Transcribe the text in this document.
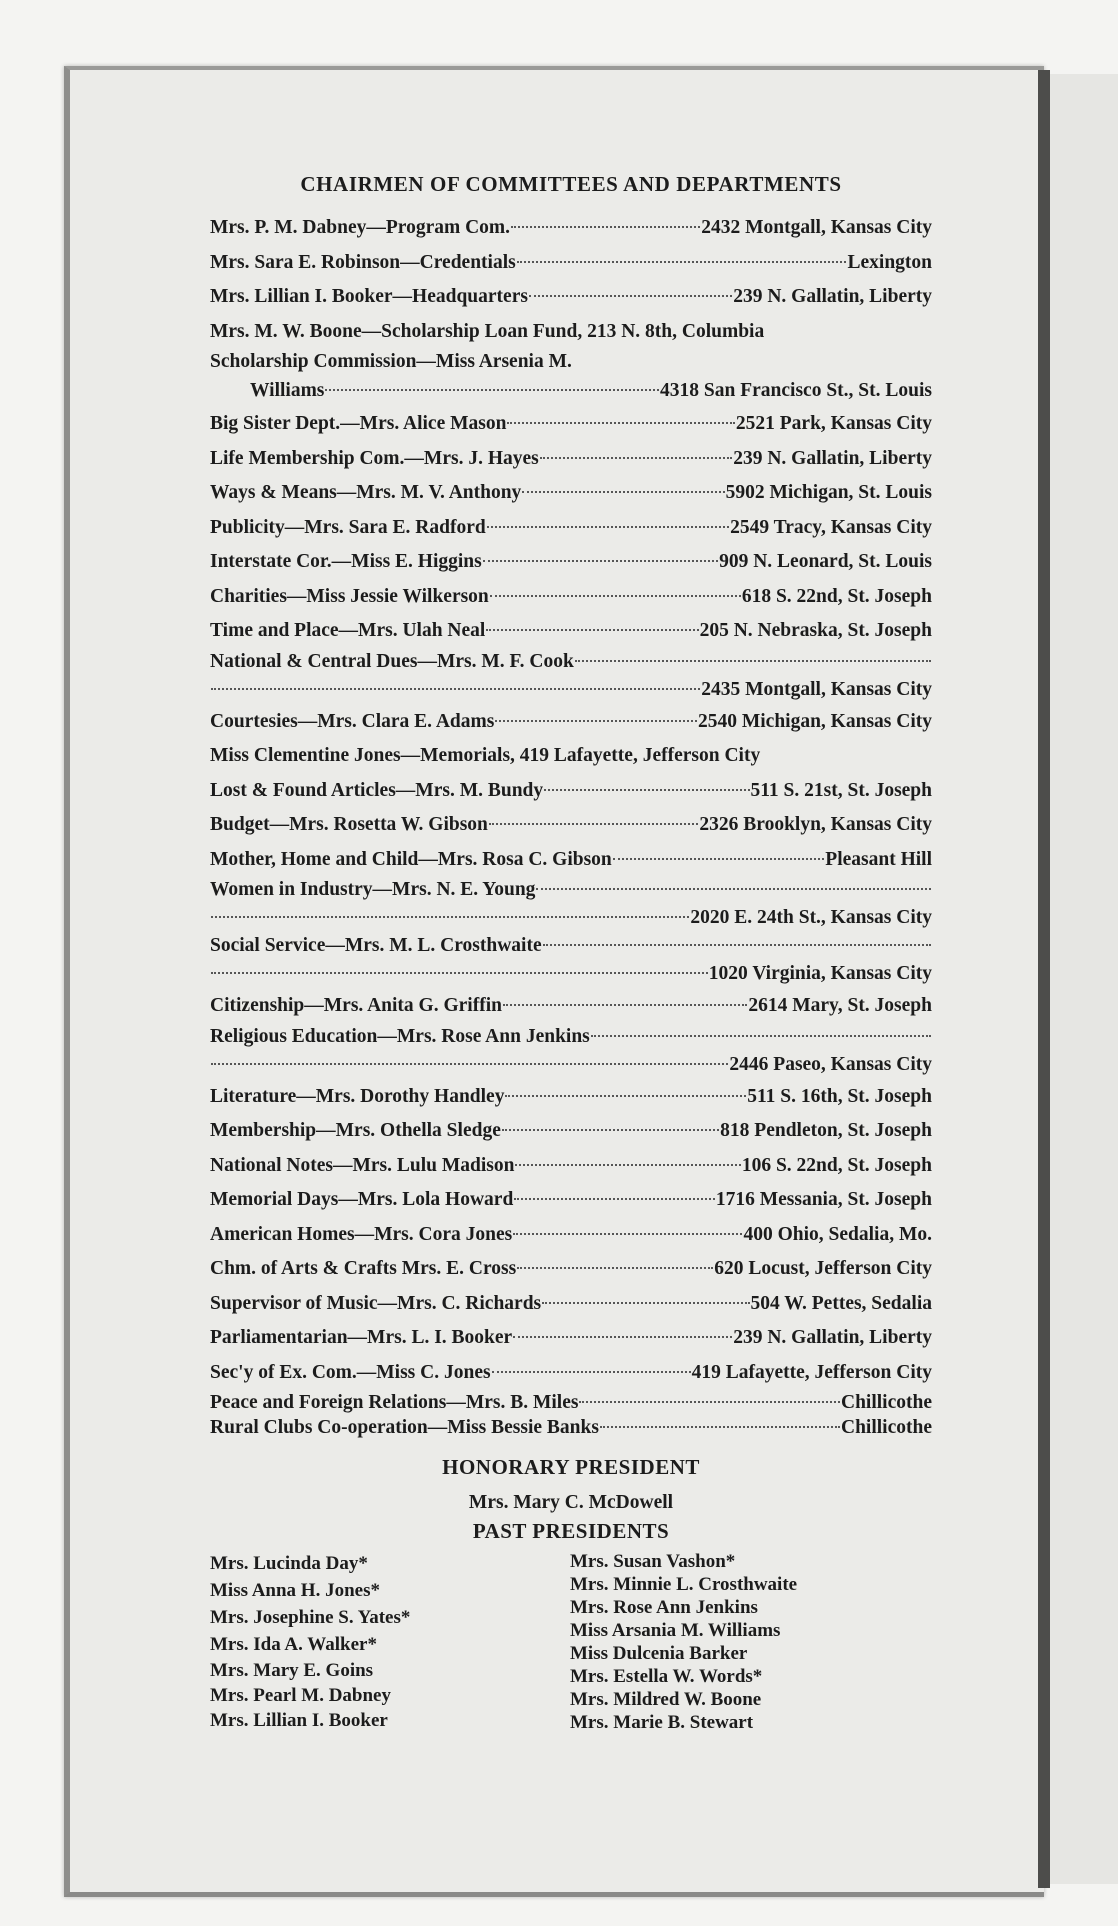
CHAIRMEN OF COMMITTEES AND DEPARTMENTS
Mrs. P. M. Dabney—Program Com.	2432 Montgall, Kansas City
Mrs. Sara E. Robinson—Credentials	Lexington
Mrs. Lillian I. Booker—Headquarters	239 N. Gallatin, Liberty
Mrs. M. W. Boone—Scholarship Loan Fund, 213 N. 8th, Columbia
Scholarship Commission—Miss Arsenia M.
Williams	4318 San Francisco St., St. Louis
Big Sister Dept.—Mrs. Alice Mason	2521 Park, Kansas City
Life Membership Com.—Mrs. J. Hayes	239 N. Gallatin, Liberty
Ways & Means—Mrs. M. V. Anthony	5902 Michigan, St. Louis
Publicity—Mrs. Sara E. Radford	2549 Tracy, Kansas City
Interstate Cor.—Miss E. Higgins	909 N. Leonard, St. Louis
Charities—Miss Jessie Wilkerson	618 S. 22nd, St. Joseph
Time and Place—Mrs. Ulah Neal	205 N. Nebraska, St. Joseph
National & Central Dues—Mrs. M. F. Cook
2435 Montgall, Kansas City
Courtesies—Mrs. Clara E. Adams	2540 Michigan, Kansas City
Miss Clementine Jones—Memorials, 419 Lafayette, Jefferson City
Lost & Found Articles—Mrs. M. Bundy	511 S. 21st, St. Joseph
Budget—Mrs. Rosetta W. Gibson	2326 Brooklyn, Kansas City
Mother, Home and Child—Mrs. Rosa C. Gibson	Pleasant Hill
Women in Industry—Mrs. N. E. Young
2020 E. 24th St., Kansas City
Social Service—Mrs. M. L. Crosthwaite
1020 Virginia, Kansas City
Citizenship—Mrs. Anita G. Griffin	2614 Mary, St. Joseph
Religious Education—Mrs. Rose Ann Jenkins
2446 Paseo, Kansas City
Literature—Mrs. Dorothy Handley	511 S. 16th, St. Joseph
Membership—Mrs. Othella Sledge	818 Pendleton, St. Joseph
National Notes—Mrs. Lulu Madison	106 S. 22nd, St. Joseph
Memorial Days—Mrs. Lola Howard	1716 Messania, St. Joseph
American Homes—Mrs. Cora Jones	400 Ohio, Sedalia, Mo.
Chm. of Arts & Crafts Mrs. E. Cross	620 Locust, Jefferson City
Supervisor of Music—Mrs. C. Richards	504 W. Pettes, Sedalia
Parliamentarian—Mrs. L. I. Booker	239 N. Gallatin, Liberty
Sec'y of Ex. Com.—Miss C. Jones	419 Lafayette, Jefferson City
Peace and Foreign Relations—Mrs. B. Miles	Chillicothe
Rural Clubs Co-operation—Miss Bessie Banks	Chillicothe
HONORARY PRESIDENT
Mrs. Mary C. McDowell
PAST PRESIDENTS
Mrs. Lucinda Day*
Miss Anna H. Jones*
Mrs. Josephine S. Yates*
Mrs. Ida A. Walker*
Mrs. Mary E. Goins
Mrs. Pearl M. Dabney
Mrs. Lillian I. Booker
Mrs. Susan Vashon*
Mrs. Minnie L. Crosthwaite
Mrs. Rose Ann Jenkins
Miss Arsania M. Williams
Miss Dulcenia Barker
Mrs. Estella W. Words*
Mrs. Mildred W. Boone
Mrs. Marie B. Stewart
